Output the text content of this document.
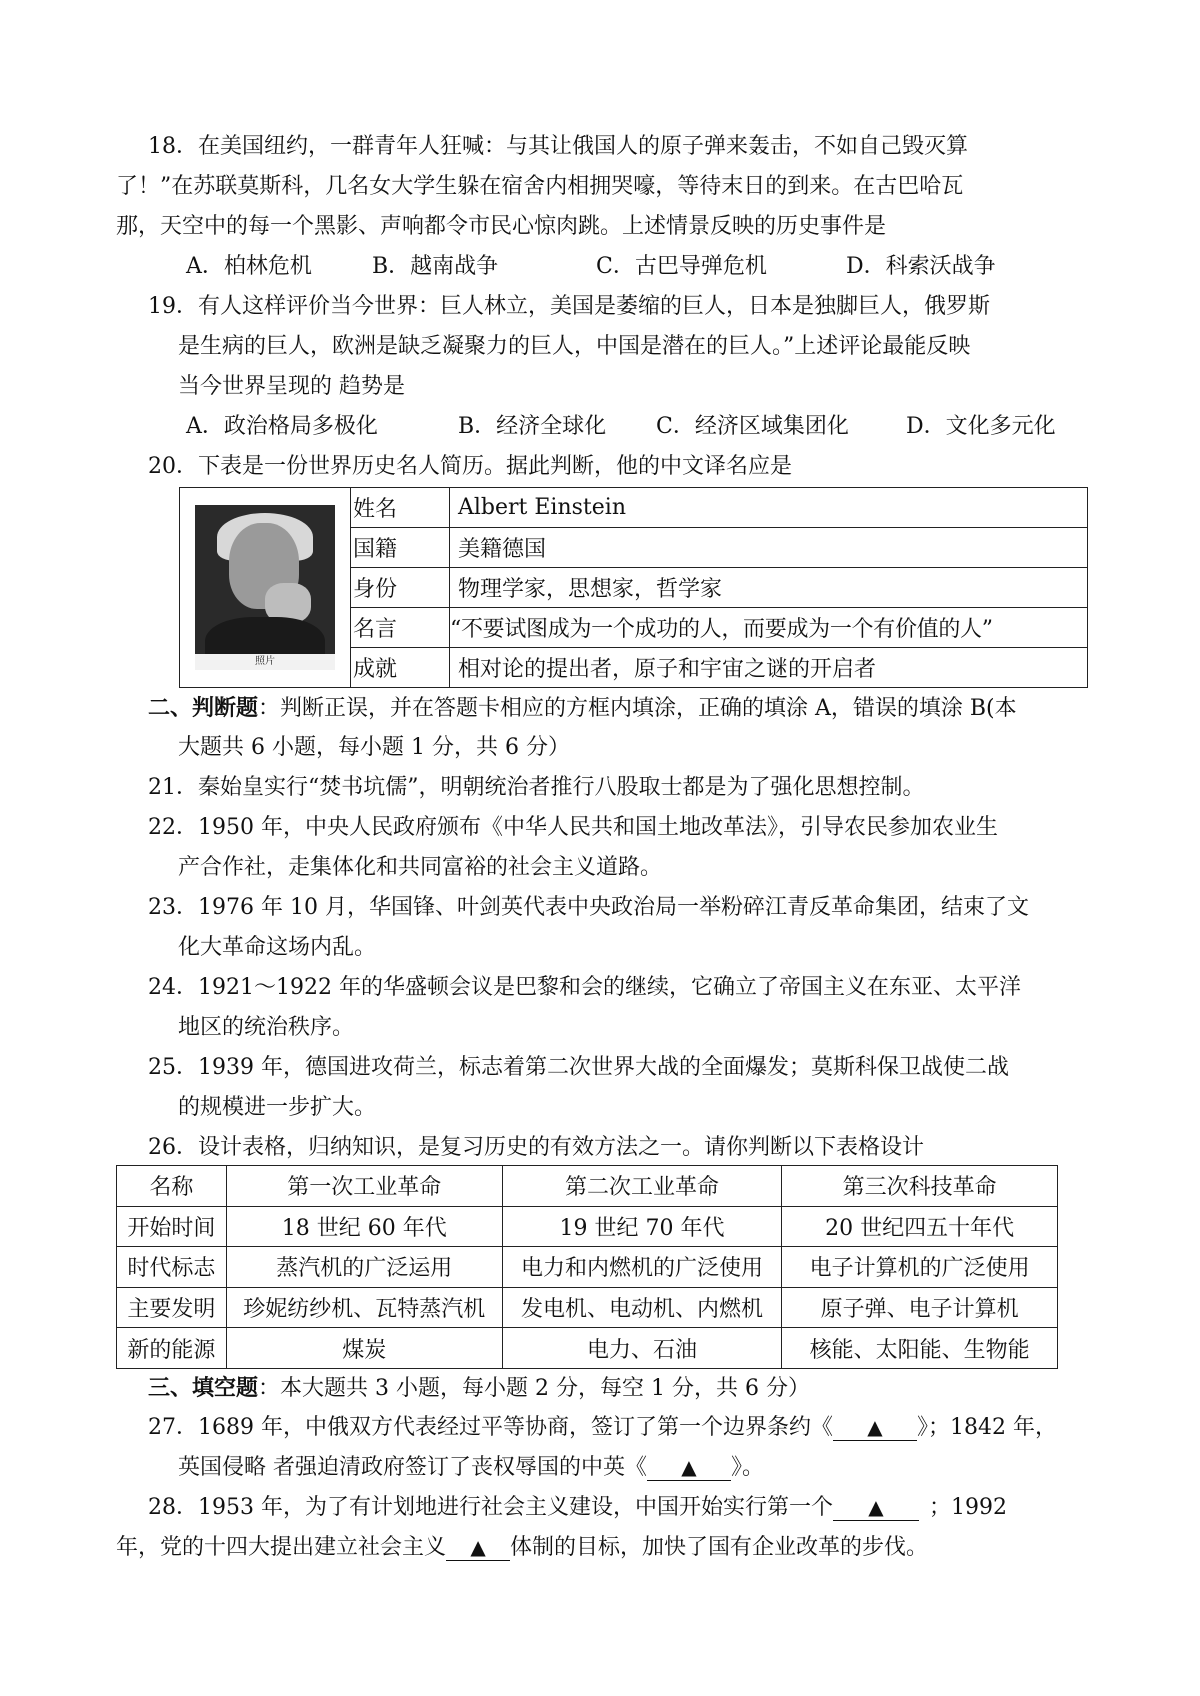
18．在美国纽约，一群青年人狂喊：与其让俄国人的原子弹来轰击，不如自己毁灭算
了！”在苏联莫斯科，几名女大学生躲在宿舍内相拥哭嚎，等待末日的到来。在古巴哈瓦
那，天空中的每一个黑影、声响都令市民心惊肉跳。上述情景反映的历史事件是
A．柏林危机	B．越南战争	C．古巴导弹危机	D．科索沃战争
19．有人这样评价当今世界：巨人林立，美国是萎缩的巨人，日本是独脚巨人，俄罗斯
是生病的巨人，欧洲是缺乏凝聚力的巨人，中国是潜在的巨人。”上述评论最能反映
当今世界呈现的 趋势是
A．政治格局多极化	B．经济全球化 C．经济区域集团化	D．文化多元化
20．下表是一份世界历史名人简历。据此判断，他的中文译名应是
照片	姓名	Albert Einstein
	国籍	美籍德国
	身份	物理学家，思想家，哲学家
	名言	“不要试图成为一个成功的人，而要成为一个有价值的人”
	成就	相对论的提出者，原子和宇宙之谜的开启者
二、判断题：判断正误，并在答题卡相应的方框内填涂，正确的填涂 A，错误的填涂 B(本
大题共 6 小题，每小题 1 分，共 6 分）
21．秦始皇实行“焚书坑儒”，明朝统治者推行八股取士都是为了强化思想控制。
22．1950 年，中央人民政府颁布《中华人民共和国土地改革法》，引导农民参加农业生
产合作社，走集体化和共同富裕的社会主义道路。
23．1976 年 10 月，华国锋、叶剑英代表中央政治局一举粉碎江青反革命集团，结束了文
化大革命这场内乱。
24．1921～1922 年的华盛顿会议是巴黎和会的继续，它确立了帝国主义在东亚、太平洋
地区的统治秩序。
25．1939 年，德国进攻荷兰，标志着第二次世界大战的全面爆发；莫斯科保卫战使二战
的规模进一步扩大。
26．设计表格，归纳知识，是复习历史的有效方法之一。请你判断以下表格设计
名称	第一次工业革命	第二次工业革命	第三次科技革命
开始时间	18 世纪 60 年代	19 世纪 70 年代	20 世纪四五十年代
时代标志	蒸汽机的广泛运用	电力和内燃机的广泛使用	电子计算机的广泛使用
主要发明	珍妮纺纱机、瓦特蒸汽机	发电机、电动机、内燃机	原子弹、电子计算机
新的能源	煤炭	电力、石油	核能、太阳能、生物能
三、填空题：本大题共 3 小题，每小题 2 分，每空 1 分，共 6 分）
27．1689 年，中俄双方代表经过平等协商，签订了第一个边界条约《 ▲ 》；1842 年，
英国侵略 者强迫清政府签订了丧权辱国的中英《 ▲ 》。
28．1953 年，为了有计划地进行社会主义建设，中国开始实行第一个 ▲ ；1992
年，党的十四大提出建立社会主义 ▲ 体制的目标，加快了国有企业改革的步伐。
